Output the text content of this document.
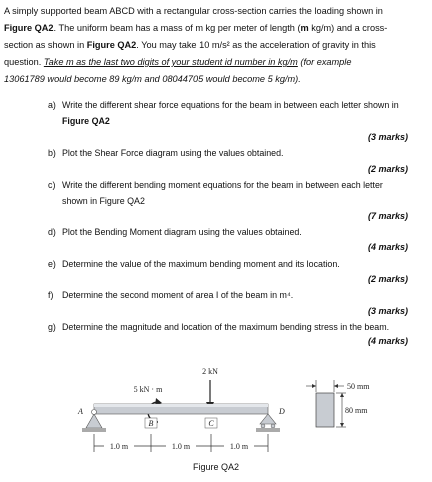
A simply supported beam ABCD with a rectangular cross-section carries the loading shown in
Figure QA2. The uniform beam has a mass of m kg per meter of length (m kg/m) and a cross-
section as shown in Figure QA2. You may take 10 m/s² as the acceleration of gravity in this
question. Take m as the last two digits of your student id number in kg/m (for example
13061789 would become 89 kg/m and 08044705 would become 5 kg/m).
a) Write the different shear force equations for the beam in between each letter shown in
Figure QA2
(3 marks)
b) Plot the Shear Force diagram using the values obtained.
(2 marks)
c) Write the different bending moment equations for the beam in between each letter
shown in Figure QA2
(7 marks)
d) Plot the Bending Moment diagram using the values obtained.
(4 marks)
e) Determine the value of the maximum bending moment and its location.
(2 marks)
f) Determine the second moment of area I of the beam in m⁴.
(3 marks)
g) Determine the magnitude and location of the maximum bending stress in the beam.
(4 marks)
2 kN
5 kN · m
A
B	C
D
1.0 m	1.0 m	1.0 m
50 mm
80 mm
Figure QA2
